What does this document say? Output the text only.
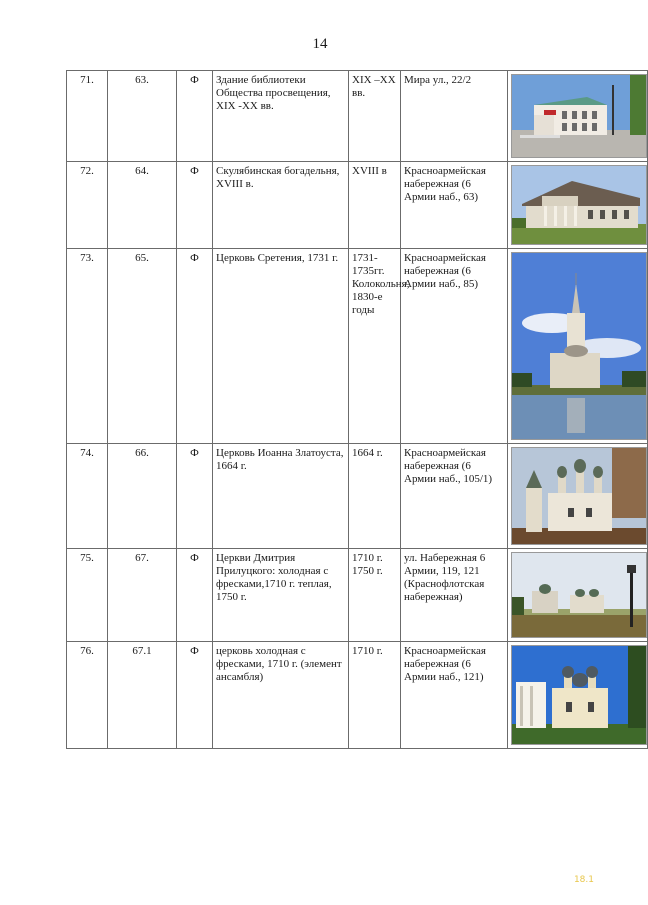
14
71.	63.	Ф	Здание библиотеки Общества просвещения, XIX -XX вв.	XIX –XX вв.	Мира ул., 22/2	

72.	64.	Ф	Скулябинская богадельня, XVIII в.	XVIII в	Красноармейская набережная (6 Армии наб., 63)	

73.	65.	Ф	Церковь Сретения, 1731 г.	1731-1735гг. Колокольня, 1830-е годы	Красноармейская набережная (6 Армии наб., 85)	

74.	66.	Ф	Церковь Иоанна Златоуста, 1664 г.	1664 г.	Красноармейская набережная (6 Армии наб., 105/1)	

75.	67.	Ф	Церкви Дмитрия Прилуцкого: холодная с фресками,1710 г. теплая, 1750 г.	1710 г. 1750 г.	ул. Набережная 6 Армии, 119, 121 (Краснофлотская набережная)	

76.	67.1	Ф	церковь холодная с фресками, 1710 г. (элемент ансамбля)	1710 г.	Красноармейская набережная (6 Армии наб., 121)	
18.1
